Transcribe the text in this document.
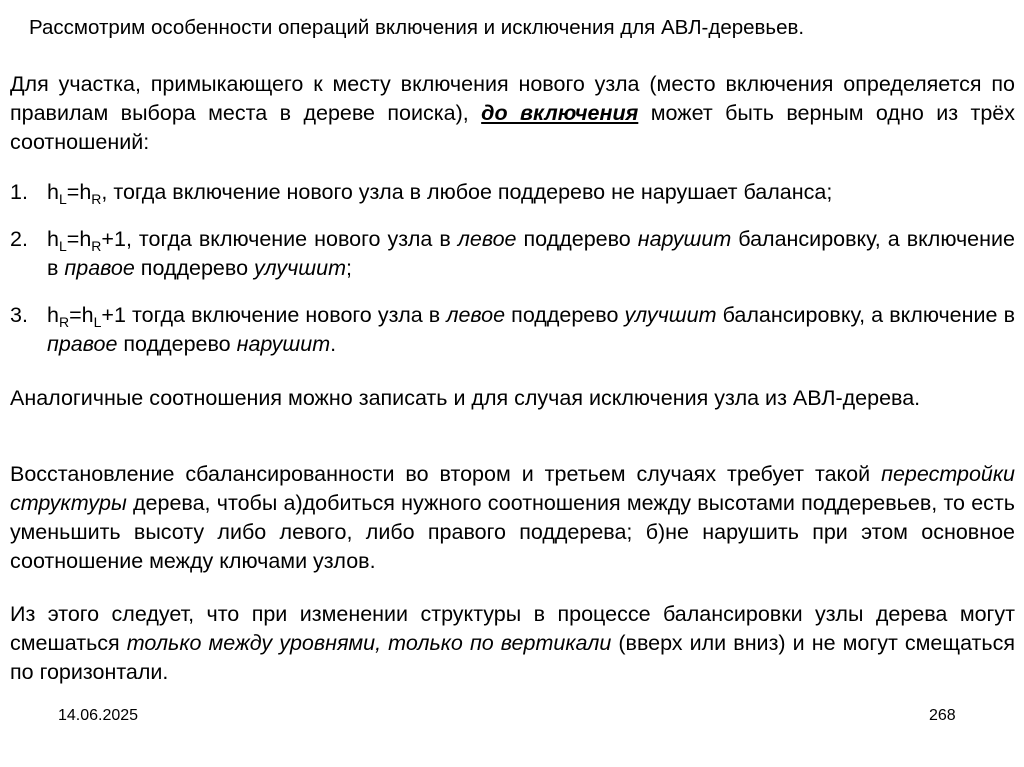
Рассмотрим особенности операций включения и исключения для АВЛ-деревьев.
Для участка, примыкающего к месту включения нового узла (место включения определяется по правилам выбора места в дереве поиска), до включения может быть верным одно из трёх соотношений:
1. $h_L=h_R$, тогда включение нового узла в любое поддерево не нарушает баланса;
2. $h_L=h_R+1$, тогда включение нового узла в левое поддерево нарушит балансировку, а включение в правое поддерево улучшит;
3. $h_R=h_L+1$ тогда включение нового узла в левое поддерево улучшит балансировку, а включение в правое поддерево нарушит.
Аналогичные соотношения можно записать и для случая исключения узла из АВЛ-дерева.
Восстановление сбалансированности во втором и третьем случаях требует такой перестройки структуры дерева, чтобы а)добиться нужного соотношения между высотами поддеревьев, то есть уменьшить высоту либо левого, либо правого поддерева; б)не нарушить при этом основное соотношение между ключами узлов.
Из этого следует, что при изменении структуры в процессе балансировки узлы дерева могут смешаться только между уровнями, только по вертикали (вверх или вниз) и не могут смещаться по горизонтали.
14.06.2025	268
